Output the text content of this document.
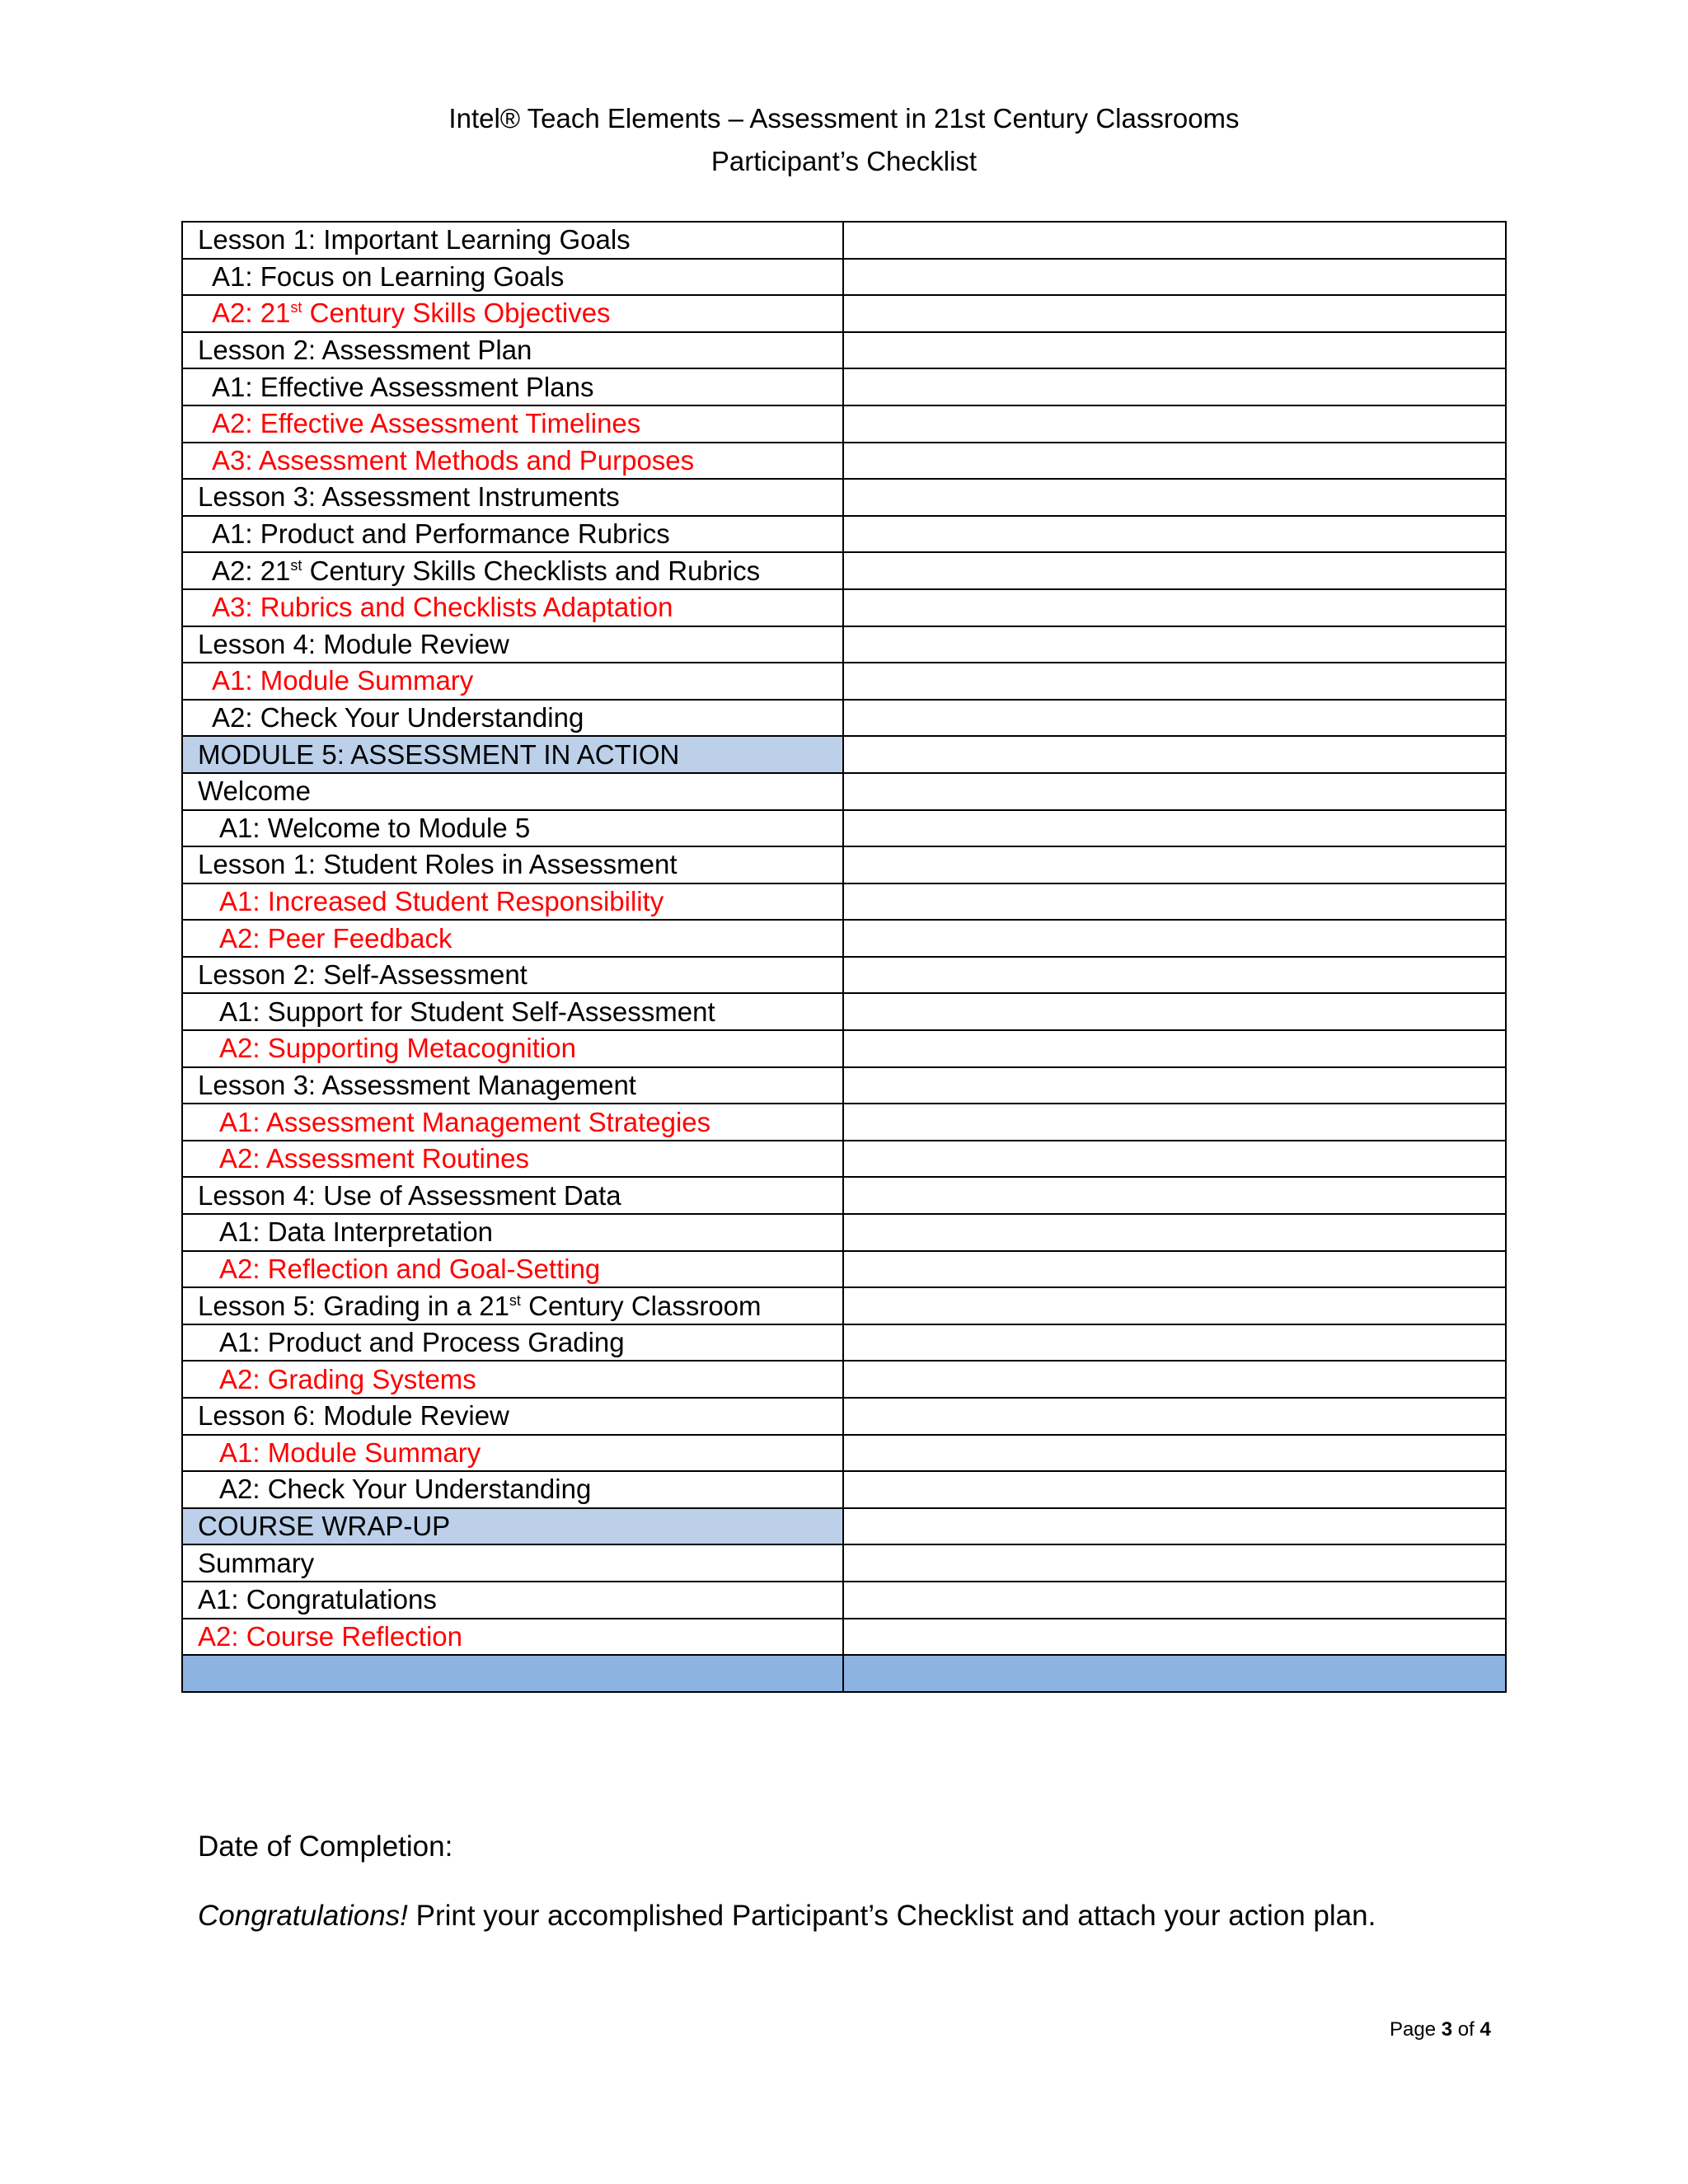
Intel® Teach Elements – Assessment in 21st Century Classrooms
Participant’s Checklist
Lesson 1: Important Learning Goals	
A1: Focus on Learning Goals	
A2: 21st Century Skills Objectives	
Lesson 2: Assessment Plan	
A1: Effective Assessment Plans	
A2: Effective Assessment Timelines	
A3: Assessment Methods and Purposes	
Lesson 3: Assessment Instruments	
A1: Product and Performance Rubrics	
A2: 21st Century Skills Checklists and Rubrics	
A3: Rubrics and Checklists Adaptation	
Lesson 4: Module Review	
A1: Module Summary	
A2: Check Your Understanding	
MODULE 5: ASSESSMENT IN ACTION	
Welcome	
A1: Welcome to Module 5	
Lesson 1: Student Roles in Assessment	
A1: Increased Student Responsibility	
A2: Peer Feedback	
Lesson 2: Self-Assessment	
A1: Support for Student Self-Assessment	
A2: Supporting Metacognition	
Lesson 3: Assessment Management	
A1: Assessment Management Strategies	
A2: Assessment Routines	
Lesson 4: Use of Assessment Data	
A1: Data Interpretation	
A2: Reflection and Goal-Setting	
Lesson 5: Grading in a 21st Century Classroom	
A1: Product and Process Grading	
A2: Grading Systems	
Lesson 6: Module Review	
A1: Module Summary	
A2: Check Your Understanding	
COURSE WRAP-UP	
Summary	
A1: Congratulations	
A2: Course Reflection	

Date of Completion:
Congratulations! Print your accomplished Participant’s Checklist and attach your action plan.
Page 3 of 4
